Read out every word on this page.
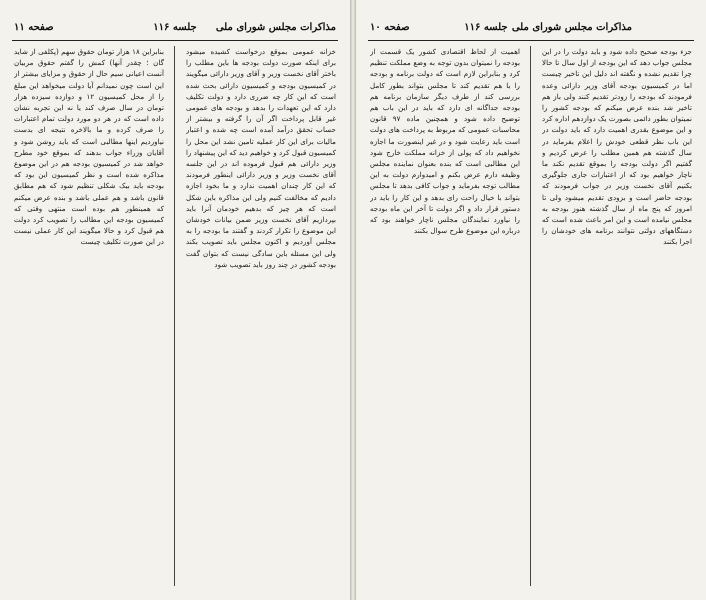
مذاکرات مجلس شورای ملی
جلسه ۱۱۶
صفحه ۱۱

خزانه عمومی بموقع درخواست کشیده میشود برای اینکه صورت دولت بودجه ها باین مطلب را باختر آقای نخست وزیر و آقای وزیر دارائی میگویند در کمیسیون بودجه و کمیسیون دارائی بحث شده است که این کار چه ضرری دارد و دولت تکلیف دارد که این تعهدات را بدهد و بودجه های عمومی غیر قابل پرداخت اگر آن را گرفته و بیشتر از حساب تحقق درآمد آمده است چه شده و اعتبار مالیات برای این کار عملیه تامین نشد این محل را کمیسیون قبول کرد و خواهیم دید که این پیشنهاد را وزیر دارائی هم قبول فرموده اند در این جلسه آقای نخست وزیر و وزیر دارائی اینطور فرمودند که این کار چندان اهمیت ندارد و ما بخود اجازه دادیم که مخالفت کنیم ولی این مذاکره باین شکل است که هر چیز که بدهیم خودمان آنرا باید بپردازیم آقای نخست وزیر ضمن بیانات خودشان این موضوع را تکرار کردند و گفتند ما بودجه را به مجلس آوردیم و اکنون مجلس باید تصویب بکند ولی این مسئله باین سادگی نیست که بتوان گفت بودجه کشور در چند روز باید تصویب شود

بنابراین ۱۸ هزار تومان حقوق سهم (پکلفی از شاید گان ؛ چقدر آنها) کمش را گفتم حقوق مربیان آنست اعیانی سیم حال از حقوق و مزایای بیشتر از این است چون نمیدانم آیا دولت میخواهد این مبلغ را از محل کمیسیون ۱۲ و دوازده سیزده هزار تومان در سال صرف کند یا نه این تجربه نشان داده است که در هر دو مورد دولت تمام اعتبارات را صرف کرده و ما بالاخره نتیجه ای بدست نیاوردیم اینها مطالبی است که باید روشن شود و آقایان وزراء جواب بدهند که بموقع خود مطرح خواهد شد در کمیسیون بودجه هم در این موضوع مذاکره شده است و نظر کمیسیون این بود که بودجه باید بیک شکلی تنظیم شود که هم مطابق قانون باشد و هم عملی باشد و بنده عرض میکنم که همینطور هم بوده است منتهی وقتی که کمیسیون بودجه این مطالب را تصویب کرد دولت هم قبول کرد و حالا میگویند این کار عملی نیست در این صورت تکلیف چیست

مذاکرات مجلس شورای ملی
جلسه ۱۱۶
صفحه ۱۰

جزء بودجه صحیح داده شود و باید دولت را در این مجلس جواب دهد که این بودجه از اول سال تا حالا چرا تقدیم نشده و نگفته اند دلیل این تاخیر چیست اما در کمیسیون بودجه آقای وزیر دارائی وعده فرمودند که بودجه را زودتر تقدیم کنند ولی باز هم تاخیر شد بنده عرض میکنم که بودجه کشور را نمیتوان بطور دائمی بصورت یک دوازدهم اداره کرد و این موضوع بقدری اهمیت دارد که باید دولت در این باب نظر قطعی خودش را اعلام بفرماید در سال گذشته هم همین مطلب را عرض کردیم و گفتیم اگر دولت بودجه را بموقع تقدیم نکند ما ناچار خواهیم بود که از اعتبارات جاری جلوگیری بکنیم آقای نخست وزیر در جواب فرمودند که بودجه حاضر است و بزودی تقدیم میشود ولی تا امروز که پنج ماه از سال گذشته هنوز بودجه به مجلس نیامده است و این امر باعث شده است که دستگاههای دولتی نتوانند برنامه های خودشان را اجرا بکنند

اهمیت از لحاظ اقتصادی کشور یک قسمت از بودجه را نمیتوان بدون توجه به وضع مملکت تنظیم کرد و بنابراین لازم است که دولت برنامه و بودجه را با هم تقدیم کند تا مجلس بتواند بطور کامل بررسی کند از طرف دیگر سازمان برنامه هم بودجه جداگانه ای دارد که باید در این باب هم توضیح داده شود و همچنین ماده ۹۷ قانون محاسبات عمومی که مربوط به پرداخت های دولت است باید رعایت شود و در غیر اینصورت ما اجازه نخواهیم داد که پولی از خزانه مملکت خارج شود این مطالبی است که بنده بعنوان نماینده مجلس وظیفه دارم عرض بکنم و امیدوارم دولت به این مطالب توجه بفرماید و جواب کافی بدهد تا مجلس بتواند با خیال راحت رای بدهد و این کار را باید در دستور قرار داد و اگر دولت تا آخر این ماه بودجه را نیاورد نمایندگان مجلس ناچار خواهند بود که درباره این موضوع طرح سوال بکنند
